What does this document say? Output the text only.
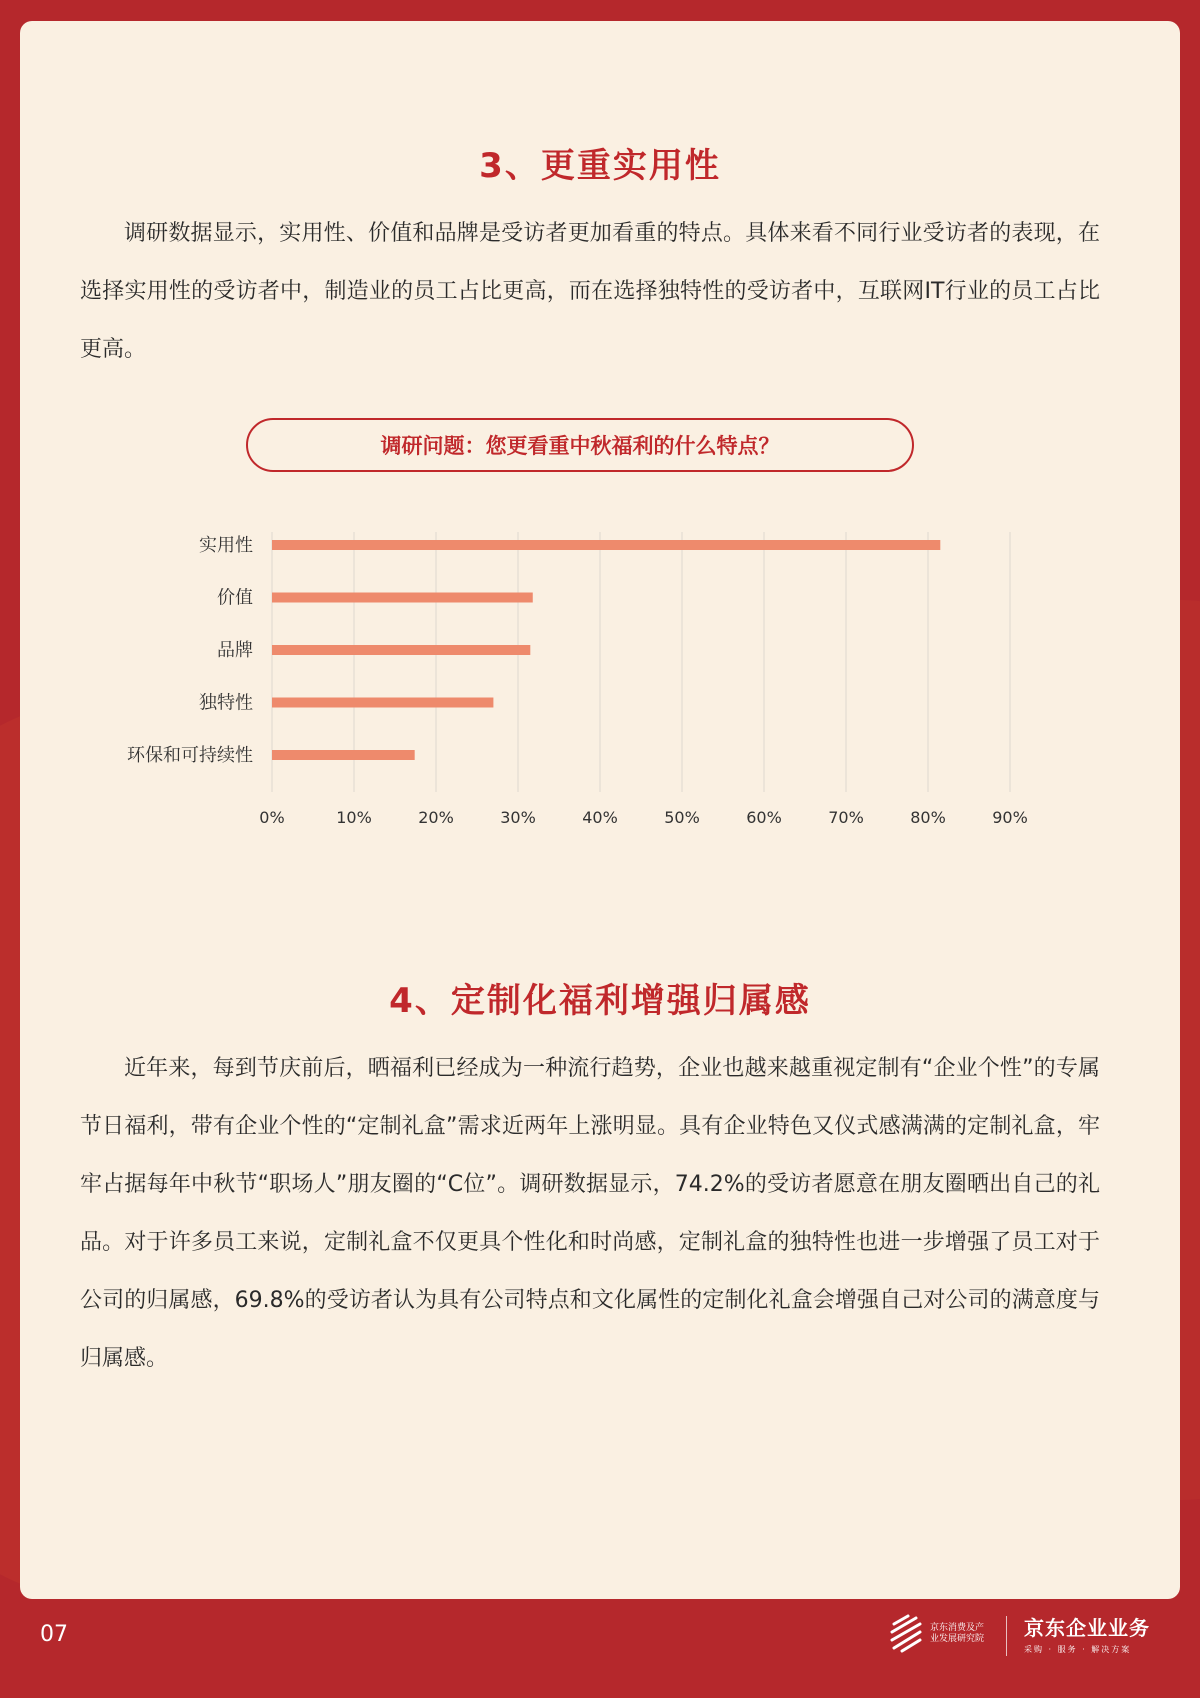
3、更重实用性

调研数据显示，实用性、价值和品牌是受访者更加看重的特点。具体来看不同行业受访者的表现，在选择实用性的受访者中，制造业的员工占比更高，而在选择独特性的受访者中，互联网IT行业的员工占比更高。

调研问题：您更看重中秋福利的什么特点？
0%	10%	20%	30%	40%	50%	60%	70%	80%	90%
实用性
价值
品牌
独特性
环保和可持续性
4、定制化福利增强归属感

近年来，每到节庆前后，晒福利已经成为一种流行趋势，企业也越来越重视定制有“企业个性”的专属节日福利，带有企业个性的“定制礼盒”需求近两年上涨明显。具有企业特色又仪式感满满的定制礼盒，牢牢占据每年中秋节“职场人”朋友圈的“C位”。调研数据显示，74.2%的受访者愿意在朋友圈晒出自己的礼品。对于许多员工来说，定制礼盒不仅更具个性化和时尚感，定制礼盒的独特性也进一步增强了员工对于公司的归属感，69.8%的受访者认为具有公司特点和文化属性的定制化礼盒会增强自己对公司的满意度与归属感。

07	京东消费及产业发展研究院 京东企业业务
采购 · 服务 · 解决方案
